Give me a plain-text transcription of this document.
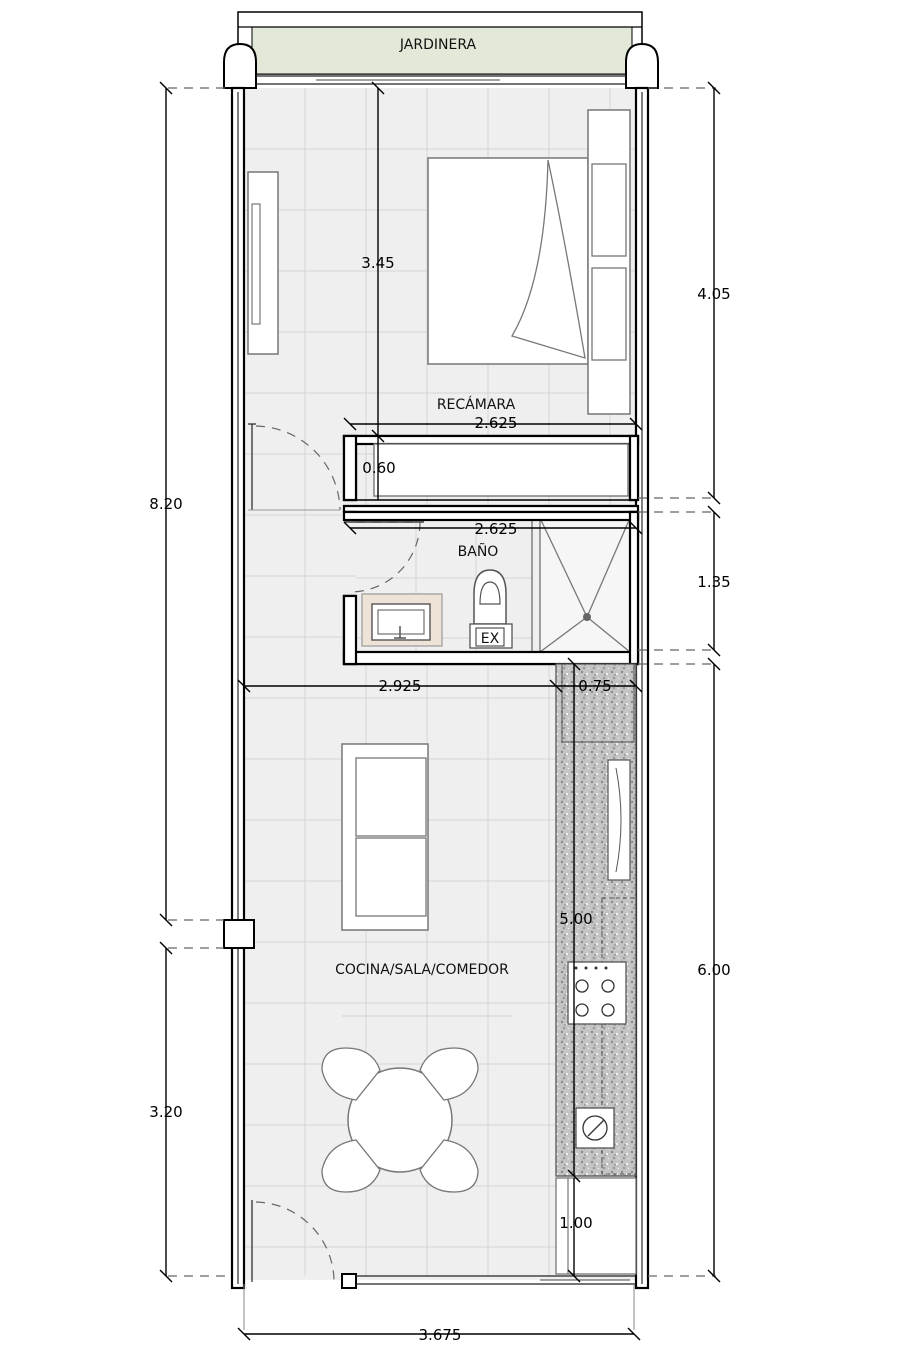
JARDINERA
EX
RECÁMARA
BAÑO
COCINA/SALA/COMEDOR
8.20
3.20
4.05
1.35
6.00
3.45
2.625
0.60
2.625
2.925	0.75
5.00
1.00
3.675
